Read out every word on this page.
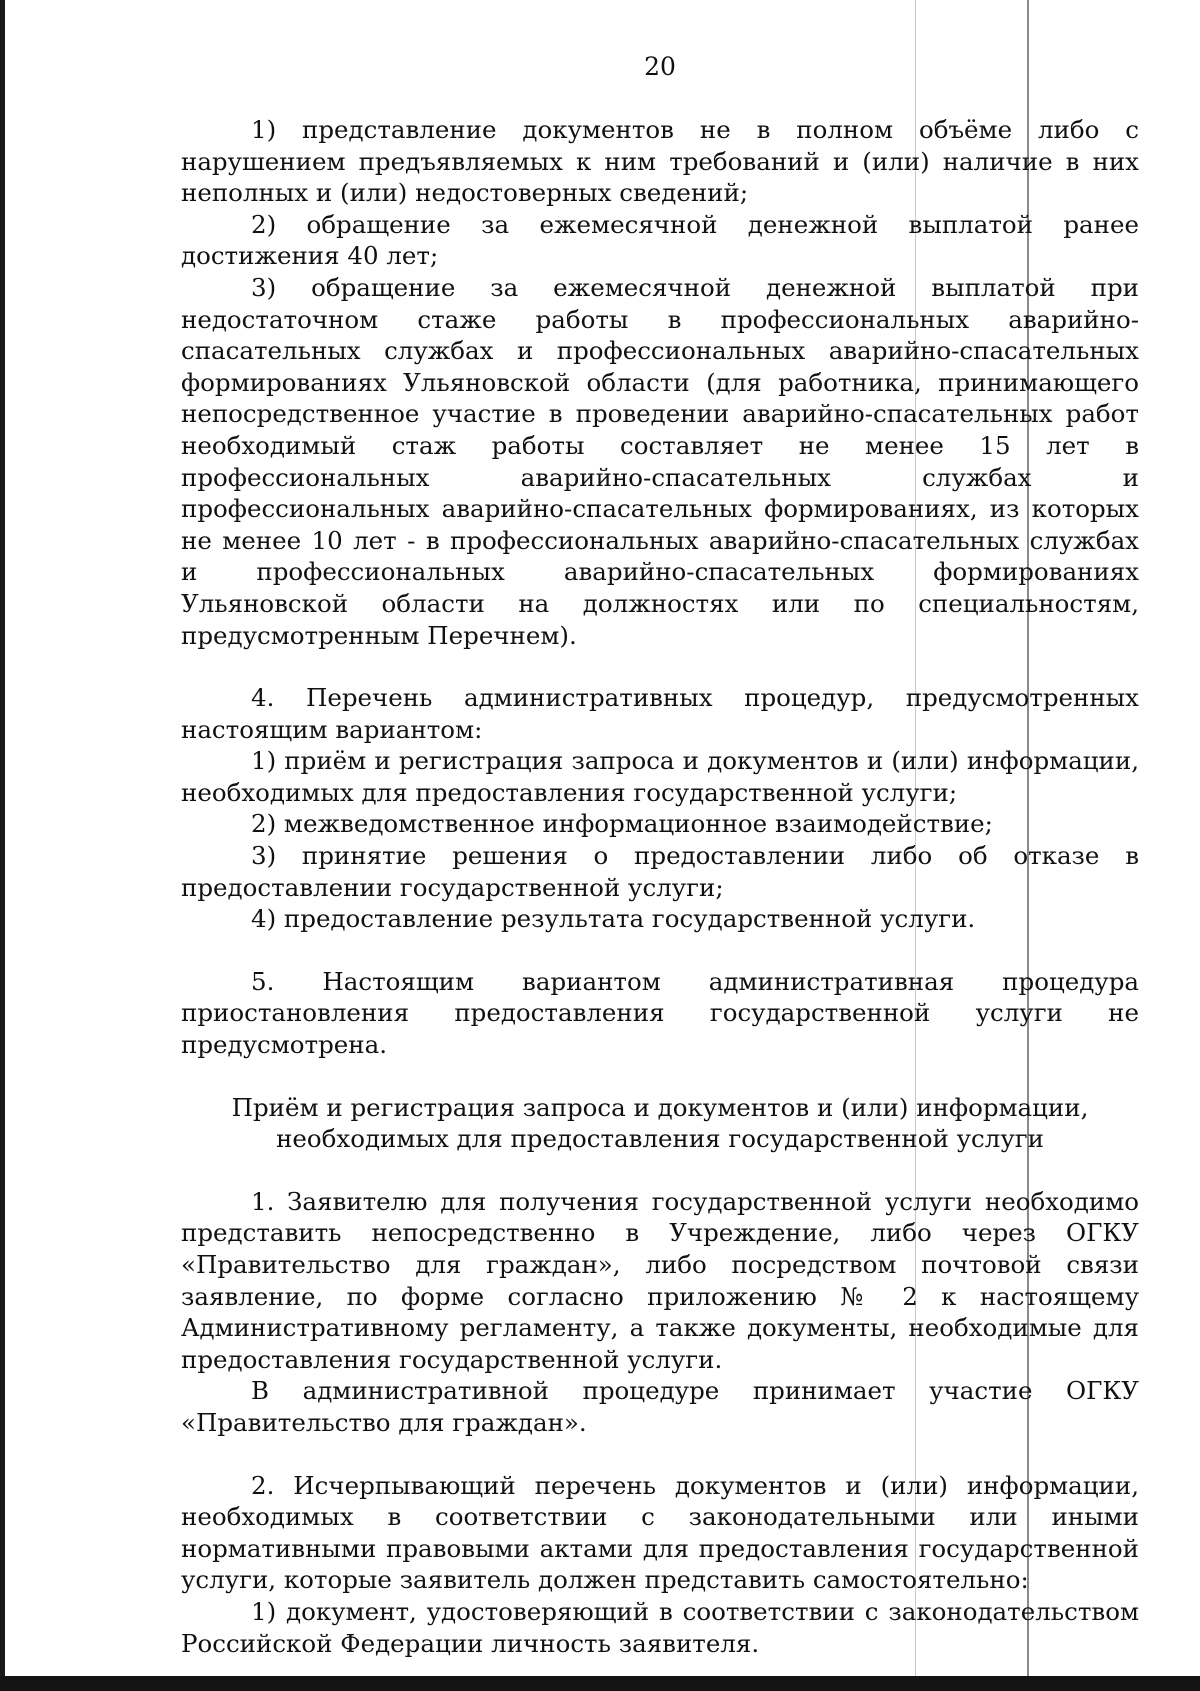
20

1) представление документов не в полном объёме либо с нарушением предъявляемых к ним требований и (или) наличие в них неполных и (или) недостоверных сведений;

2) обращение за ежемесячной денежной выплатой ранее достижения 40 лет;

3) обращение за ежемесячной денежной выплатой при недостаточном стаже работы в профессиональных аварийно-спасательных службах и профессиональных аварийно-спасательных формированиях Ульяновской области (для работника, принимающего непосредственное участие в проведении аварийно-спасательных работ необходимый стаж работы составляет не менее 15 лет в профессиональных аварийно-спасательных службах и профессиональных аварийно-спасательных формированиях, из которых не менее 10 лет - в профессиональных аварийно-спасательных службах и профессиональных аварийно-спасательных формированиях Ульяновской области на должностях или по специальностям, предусмотренным Перечнем).

4. Перечень административных процедур, предусмотренных настоящим вариантом:

1) приём и регистрация запроса и документов и (или) информации, необходимых для предоставления государственной услуги;

2) межведомственное информационное взаимодействие;

3) принятие решения о предоставлении либо об отказе в предоставлении государственной услуги;

4) предоставление результата государственной услуги.

5. Настоящим вариантом административная процедура приостановления предоставления государственной услуги не предусмотрена.

Приём и регистрация запроса и документов и (или) информации,

необходимых для предоставления государственной услуги

1. Заявителю для получения государственной услуги необходимо представить непосредственно в Учреждение, либо через ОГКУ «Правительство для граждан», либо посредством почтовой связи заявление, по форме согласно приложению № 2 к настоящему Административному регламенту, а также документы, необходимые для предоставления государственной услуги.

В административной процедуре принимает участие ОГКУ «Правительство для граждан».

2. Исчерпывающий перечень документов и (или) информации, необходимых в соответствии с законодательными или иными нормативными правовыми актами для предоставления государственной услуги, которые заявитель должен представить самостоятельно:

1) документ, удостоверяющий в соответствии с законодательством Российской Федерации личность заявителя.
